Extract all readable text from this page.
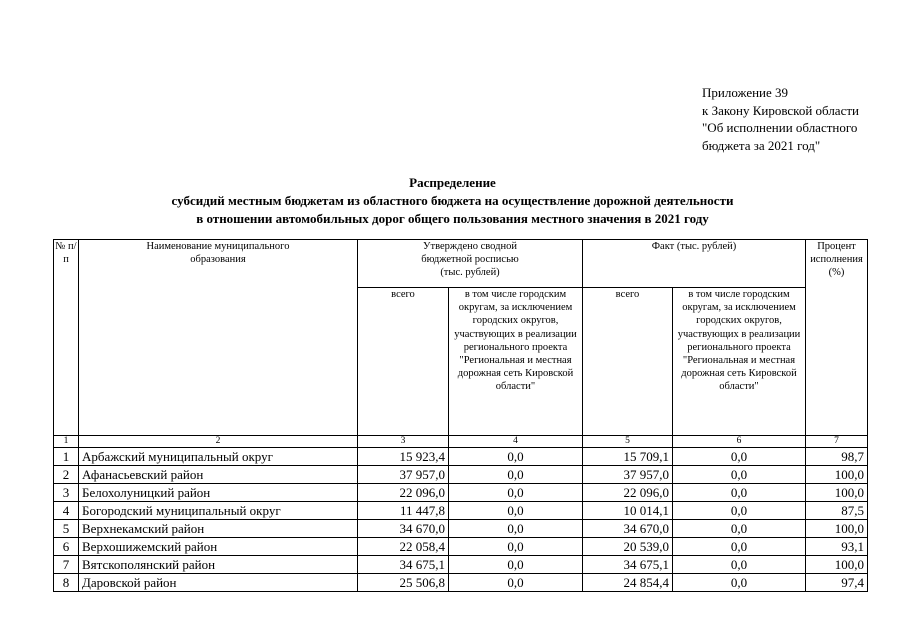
Приложение 39
к Закону Кировской области
"Об исполнении областного
бюджета за 2021 год"
Распределение
субсидий местным бюджетам из областного бюджета на осуществление дорожной деятельности
в отношении автомобильных дорог общего пользования местного значения в 2021 году
№ п/п	Наименование муниципального образования	Утверждено сводной бюджетной росписью (тыс. рублей)		Факт (тыс. рублей)		Процент исполнения (%)
		всего	в том числе городским округам, за исключением городских округов, участвующих в реализации регионального проекта "Региональная и местная дорожная сеть Кировской области"	всего	в том числе городским округам, за исключением городских округов, участвующих в реализации регионального проекта "Региональная и местная дорожная сеть Кировской области"	
1	2	3	4	5	6	7
1	Арбажский муниципальный округ	15 923,4	0,0	15 709,1	0,0	98,7
2	Афанасьевский район	37 957,0	0,0	37 957,0	0,0	100,0
3	Белохолуницкий район	22 096,0	0,0	22 096,0	0,0	100,0
4	Богородский муниципальный округ	11 447,8	0,0	10 014,1	0,0	87,5
5	Верхнекамский район	34 670,0	0,0	34 670,0	0,0	100,0
6	Верхошижемский район	22 058,4	0,0	20 539,0	0,0	93,1
7	Вятскополянский район	34 675,1	0,0	34 675,1	0,0	100,0
8	Даровской район	25 506,8	0,0	24 854,4	0,0	97,4
